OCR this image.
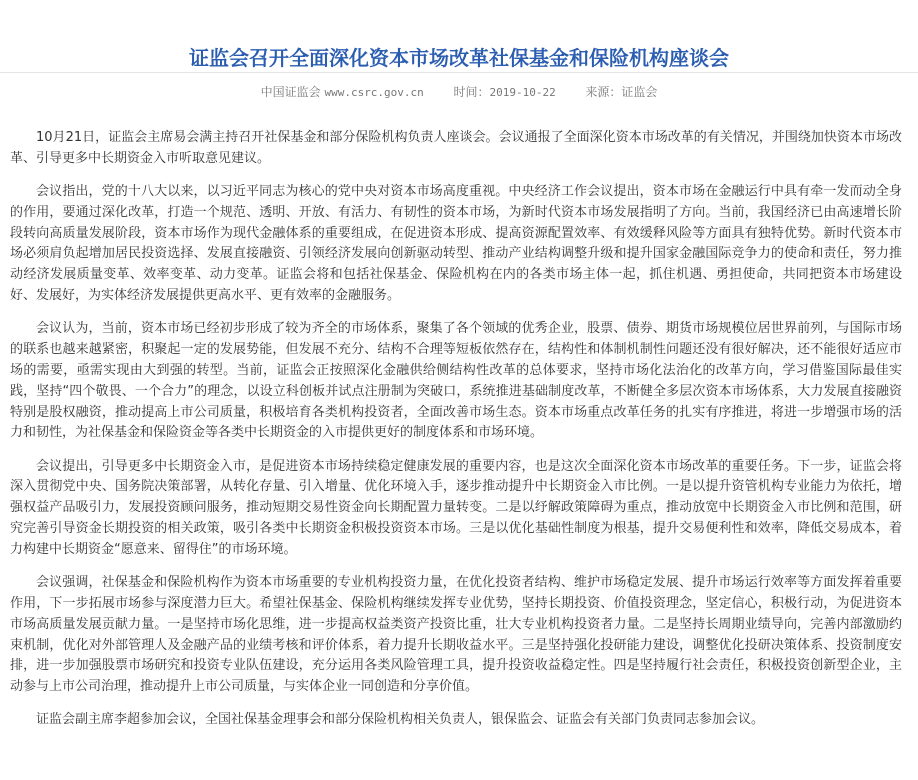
证监会召开全面深化资本市场改革社保基金和保险机构座谈会
中国证监会 www.csrc.gov.cn 时间：2019-10-22 来源：证监会

10月21日，证监会主席易会满主持召开社保基金和部分保险机构负责人座谈会。会议通报了全面深化资本市场改革的有关情况，并围绕加快资本市场改革、引导更多中长期资金入市听取意见建议。

会议指出，党的十八大以来，以习近平同志为核心的党中央对资本市场高度重视。中央经济工作会议提出，资本市场在金融运行中具有牵一发而动全身的作用，要通过深化改革，打造一个规范、透明、开放、有活力、有韧性的资本市场，为新时代资本市场发展指明了方向。当前，我国经济已由高速增长阶段转向高质量发展阶段，资本市场作为现代金融体系的重要组成，在促进资本形成、提高资源配置效率、有效缓释风险等方面具有独特优势。新时代资本市场必须肩负起增加居民投资选择、发展直接融资、引领经济发展向创新驱动转型、推动产业结构调整升级和提升国家金融国际竞争力的使命和责任，努力推动经济发展质量变革、效率变革、动力变革。证监会将和包括社保基金、保险机构在内的各类市场主体一起，抓住机遇、勇担使命，共同把资本市场建设好、发展好，为实体经济发展提供更高水平、更有效率的金融服务。

会议认为，当前，资本市场已经初步形成了较为齐全的市场体系，聚集了各个领域的优秀企业，股票、债券、期货市场规模位居世界前列，与国际市场的联系也越来越紧密，积聚起一定的发展势能，但发展不充分、结构不合理等短板依然存在，结构性和体制机制性问题还没有很好解决，还不能很好适应市场的需要，亟需实现由大到强的转型。当前，证监会正按照深化金融供给侧结构性改革的总体要求，坚持市场化法治化的改革方向，学习借鉴国际最佳实践，坚持“四个敬畏、一个合力”的理念，以设立科创板并试点注册制为突破口，系统推进基础制度改革，不断健全多层次资本市场体系，大力发展直接融资特别是股权融资，推动提高上市公司质量，积极培育各类机构投资者，全面改善市场生态。资本市场重点改革任务的扎实有序推进，将进一步增强市场的活力和韧性，为社保基金和保险资金等各类中长期资金的入市提供更好的制度体系和市场环境。

会议提出，引导更多中长期资金入市，是促进资本市场持续稳定健康发展的重要内容，也是这次全面深化资本市场改革的重要任务。下一步，证监会将深入贯彻党中央、国务院决策部署，从转化存量、引入增量、优化环境入手，逐步推动提升中长期资金入市比例。一是以提升资管机构专业能力为依托，增强权益产品吸引力，发展投资顾问服务，推动短期交易性资金向长期配置力量转变。二是以纾解政策障碍为重点，推动放宽中长期资金入市比例和范围，研究完善引导资金长期投资的相关政策，吸引各类中长期资金积极投资资本市场。三是以优化基础性制度为根基，提升交易便利性和效率，降低交易成本，着力构建中长期资金“愿意来、留得住”的市场环境。

会议强调，社保基金和保险机构作为资本市场重要的专业机构投资力量，在优化投资者结构、维护市场稳定发展、提升市场运行效率等方面发挥着重要作用，下一步拓展市场参与深度潜力巨大。希望社保基金、保险机构继续发挥专业优势，坚持长期投资、价值投资理念，坚定信心，积极行动，为促进资本市场高质量发展贡献力量。一是坚持市场化思维，进一步提高权益类资产投资比重，壮大专业机构投资者力量。二是坚持长周期业绩导向，完善内部激励约束机制，优化对外部管理人及金融产品的业绩考核和评价体系，着力提升长期收益水平。三是坚持强化投研能力建设，调整优化投研决策体系、投资制度安排，进一步加强股票市场研究和投资专业队伍建设，充分运用各类风险管理工具，提升投资收益稳定性。四是坚持履行社会责任，积极投资创新型企业，主动参与上市公司治理，推动提升上市公司质量，与实体企业一同创造和分享价值。

证监会副主席李超参加会议，全国社保基金理事会和部分保险机构相关负责人，银保监会、证监会有关部门负责同志参加会议。
